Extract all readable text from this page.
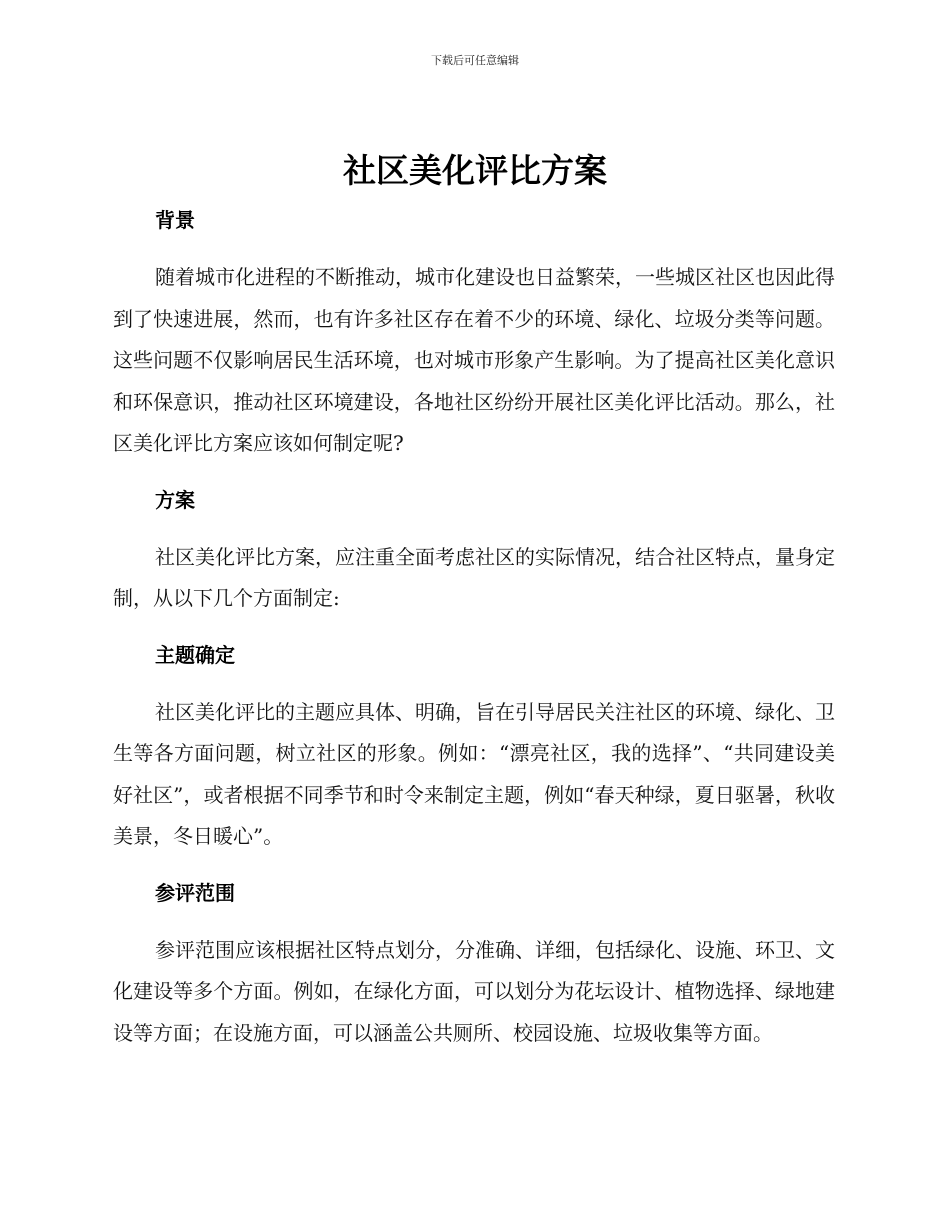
下载后可任意编辑
社区美化评比方案
背景

随着城市化进程的不断推动，城市化建设也日益繁荣，一些城区社区也因此得到了快速进展，然而，也有许多社区存在着不少的环境、绿化、垃圾分类等问题。这些问题不仅影响居民生活环境，也对城市形象产生影响。为了提高社区美化意识和环保意识，推动社区环境建设，各地社区纷纷开展社区美化评比活动。那么，社区美化评比方案应该如何制定呢?

方案

社区美化评比方案，应注重全面考虑社区的实际情况，结合社区特点，量身定制，从以下几个方面制定:

主题确定

社区美化评比的主题应具体、明确，旨在引导居民关注社区的环境、绿化、卫生等各方面问题，树立社区的形象。例如：“漂亮社区，我的选择”、“共同建设美好社区”，或者根据不同季节和时令来制定主题，例如“春天种绿，夏日驱暑，秋收美景，冬日暖心”。

参评范围

参评范围应该根据社区特点划分，分准确、详细，包括绿化、设施、环卫、文化建设等多个方面。例如，在绿化方面，可以划分为花坛设计、植物选择、绿地建设等方面；在设施方面，可以涵盖公共厕所、校园设施、垃圾收集等方面。
